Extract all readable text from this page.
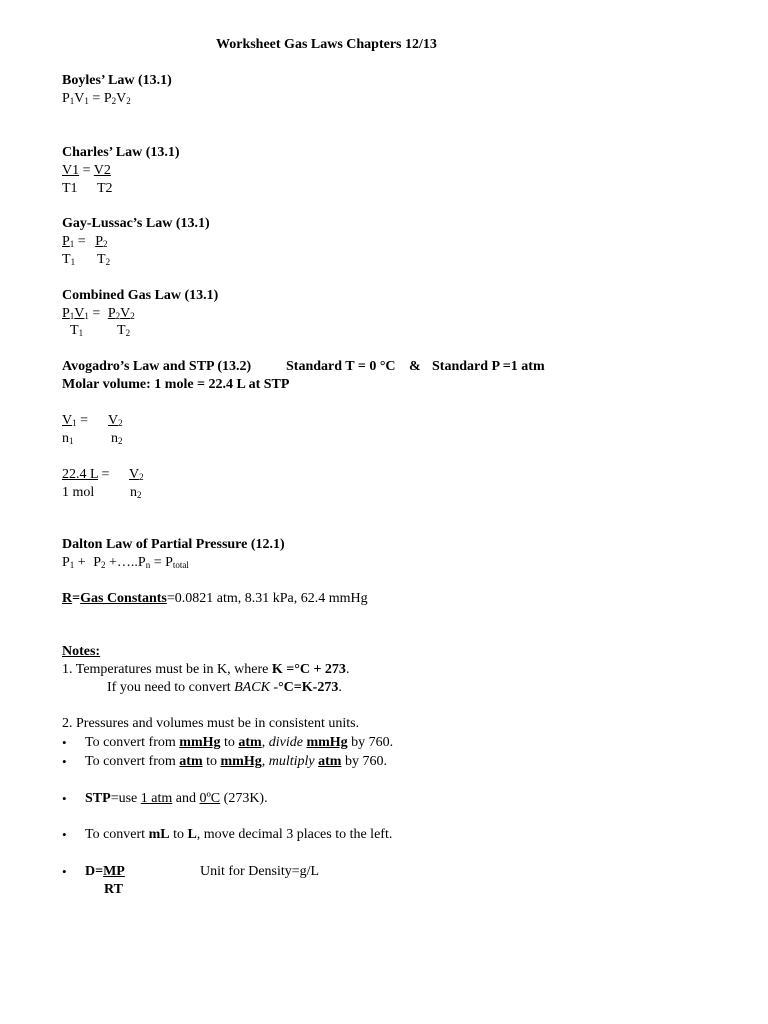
Worksheet Gas Laws Chapters 12/13
Boyles’ Law (13.1)
$P_1V_1 = P_2V_2$
Charles’ Law (13.1)
V1 = V2
T1 T2
Gay-Lussac’s Law (13.1)
$P_1 = P_2$
$T_1$ $T_2$
Combined Gas Law (13.1)
$P_1V_1 = P_2V_2$
$T_1$ $T_2$
Avogadro’s Law and STP (13.2) Standard T = 0 °C & Standard P =1 atm
Molar volume: 1 mole = 22.4 L at STP
$V_1 = V_2$
$n_1$	$n_2$
22.4 $L = V_2$
1 mol	$n_2$
Dalton Law of Partial Pressure (12.1)
$P_1 + P_2$ $+\dots..P_n = P_{total}$
R=Gas Constants=0.0821 atm, 8.31 kPa, 62.4 mmHg
Notes:
1. Temperatures must be in K, where K =°C + 273.
If you need to convert BACK -°C=K-273.
2. Pressures and volumes must be in consistent units.
• To convert from mmHg to atm, divide mmHg by 760.
• To convert from atm to mmHg, multiply atm by 760.
• STP=use 1 atm and 0ºC (273K).
• To convert mL to L, move decimal 3 places to the left.
• D=MP	Unit for Density=g/L
RT
